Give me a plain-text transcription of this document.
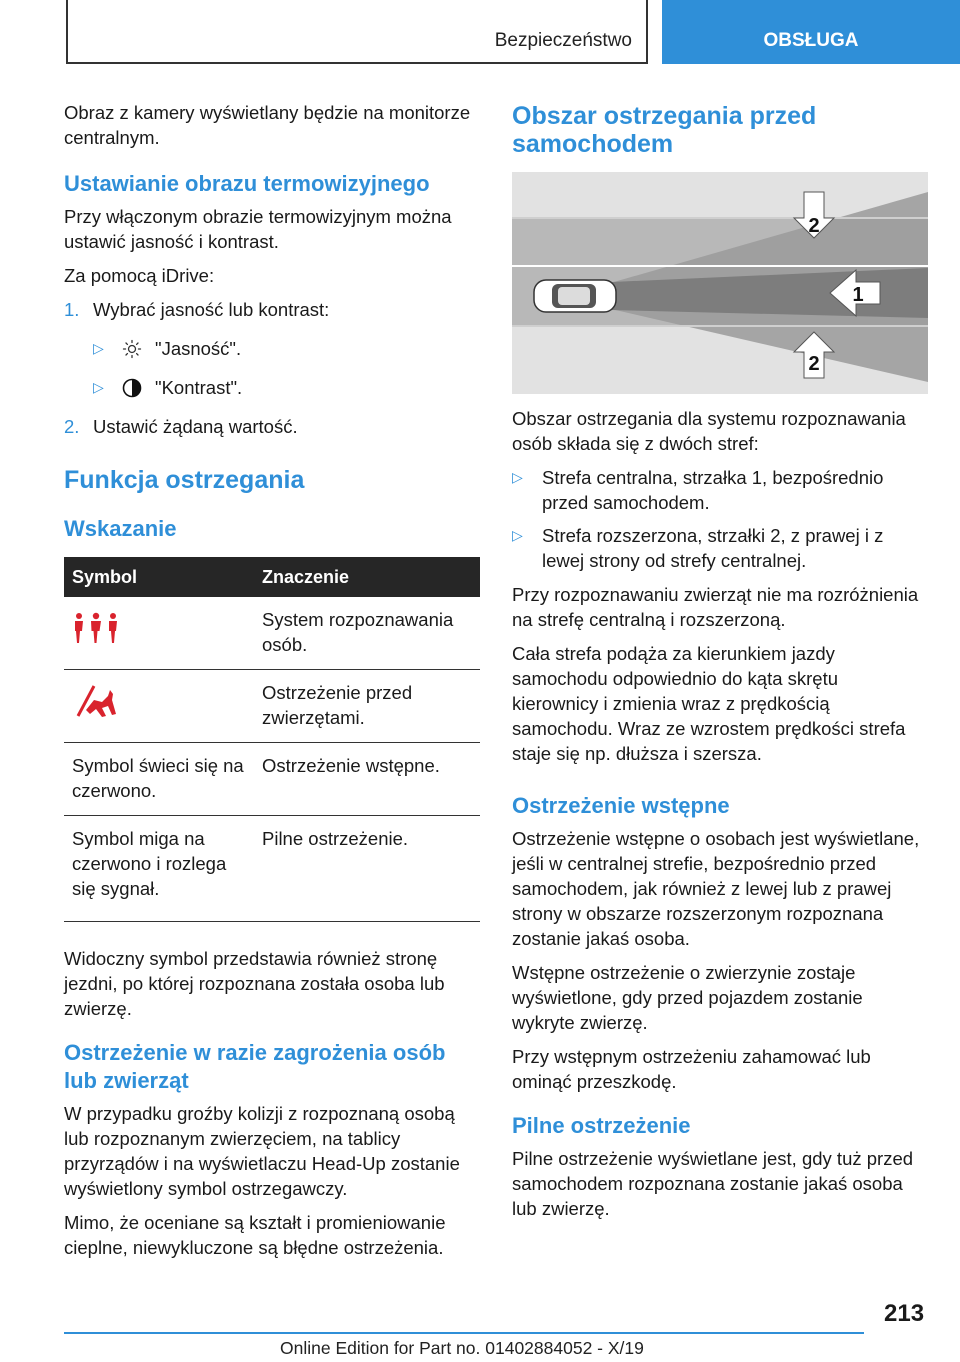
Bezpieczeństwo	OBSŁUGA

Obraz z kamery wyświetlany będzie na monitorze centralnym.

Ustawianie obrazu termowizyjnego

Przy włączonym obrazie termowizyjnym można ustawić jasność i kontrast.

Za pomocą iDrive:

1. Wybrać jasność lub kontrast:
▷	"Jasność".
▷	"Kontrast".
2. Ustawić żądaną wartość.
Funkcja ostrzegania
Wskazanie
Symbol	Znaczenie

	System rozpoznawania osób.

	Ostrzeżenie przed zwierzętami.
Symbol świeci się na czerwono.	Ostrzeżenie wstępne.
Symbol miga na czerwono i rozlega się sygnał.	Pilne ostrzeżenie.

Widoczny symbol przedstawia również stronę jezdni, po której rozpoznana została osoba lub zwierzę.

Ostrzeżenie w razie zagrożenia osób lub zwierząt

W przypadku groźby kolizji z rozpoznaną osobą lub rozpoznanym zwierzęciem, na tablicy przyrządów i na wyświetlaczu Head-Up zostanie wyświetlony symbol ostrzegawczy.

Mimo, że oceniane są kształt i promieniowanie cieplne, niewykluczone są błędne ostrzeżenia.

Obszar ostrzegania przed samochodem
2
1
2

Obszar ostrzegania dla systemu rozpoznawania osób składa się z dwóch stref:

▷	Strefa centralna, strzałka 1, bezpośrednio przed samochodem.
▷	Strefa rozszerzona, strzałki 2, z prawej i z lewej strony od strefy centralnej.

Przy rozpoznawaniu zwierząt nie ma rozróżnienia na strefę centralną i rozszerzoną.

Cała strefa podąża za kierunkiem jazdy samochodu odpowiednio do kąta skrętu kierownicy i zmienia wraz z prędkością samochodu. Wraz ze wzrostem prędkości strefa staje się np. dłuższa i szersza.

Ostrzeżenie wstępne

Ostrzeżenie wstępne o osobach jest wyświetlane, jeśli w centralnej strefie, bezpośrednio przed samochodem, jak również z lewej lub z prawej strony w obszarze rozszerzonym rozpoznana zostanie jakaś osoba.

Wstępne ostrzeżenie o zwierzynie zostaje wyświetlone, gdy przed pojazdem zostanie wykryte zwierzę.

Przy wstępnym ostrzeżeniu zahamować lub ominąć przeszkodę.

Pilne ostrzeżenie

Pilne ostrzeżenie wyświetlane jest, gdy tuż przed samochodem rozpoznana zostanie jakaś osoba lub zwierzę.

213
Online Edition for Part no. 01402884052 - X/19
